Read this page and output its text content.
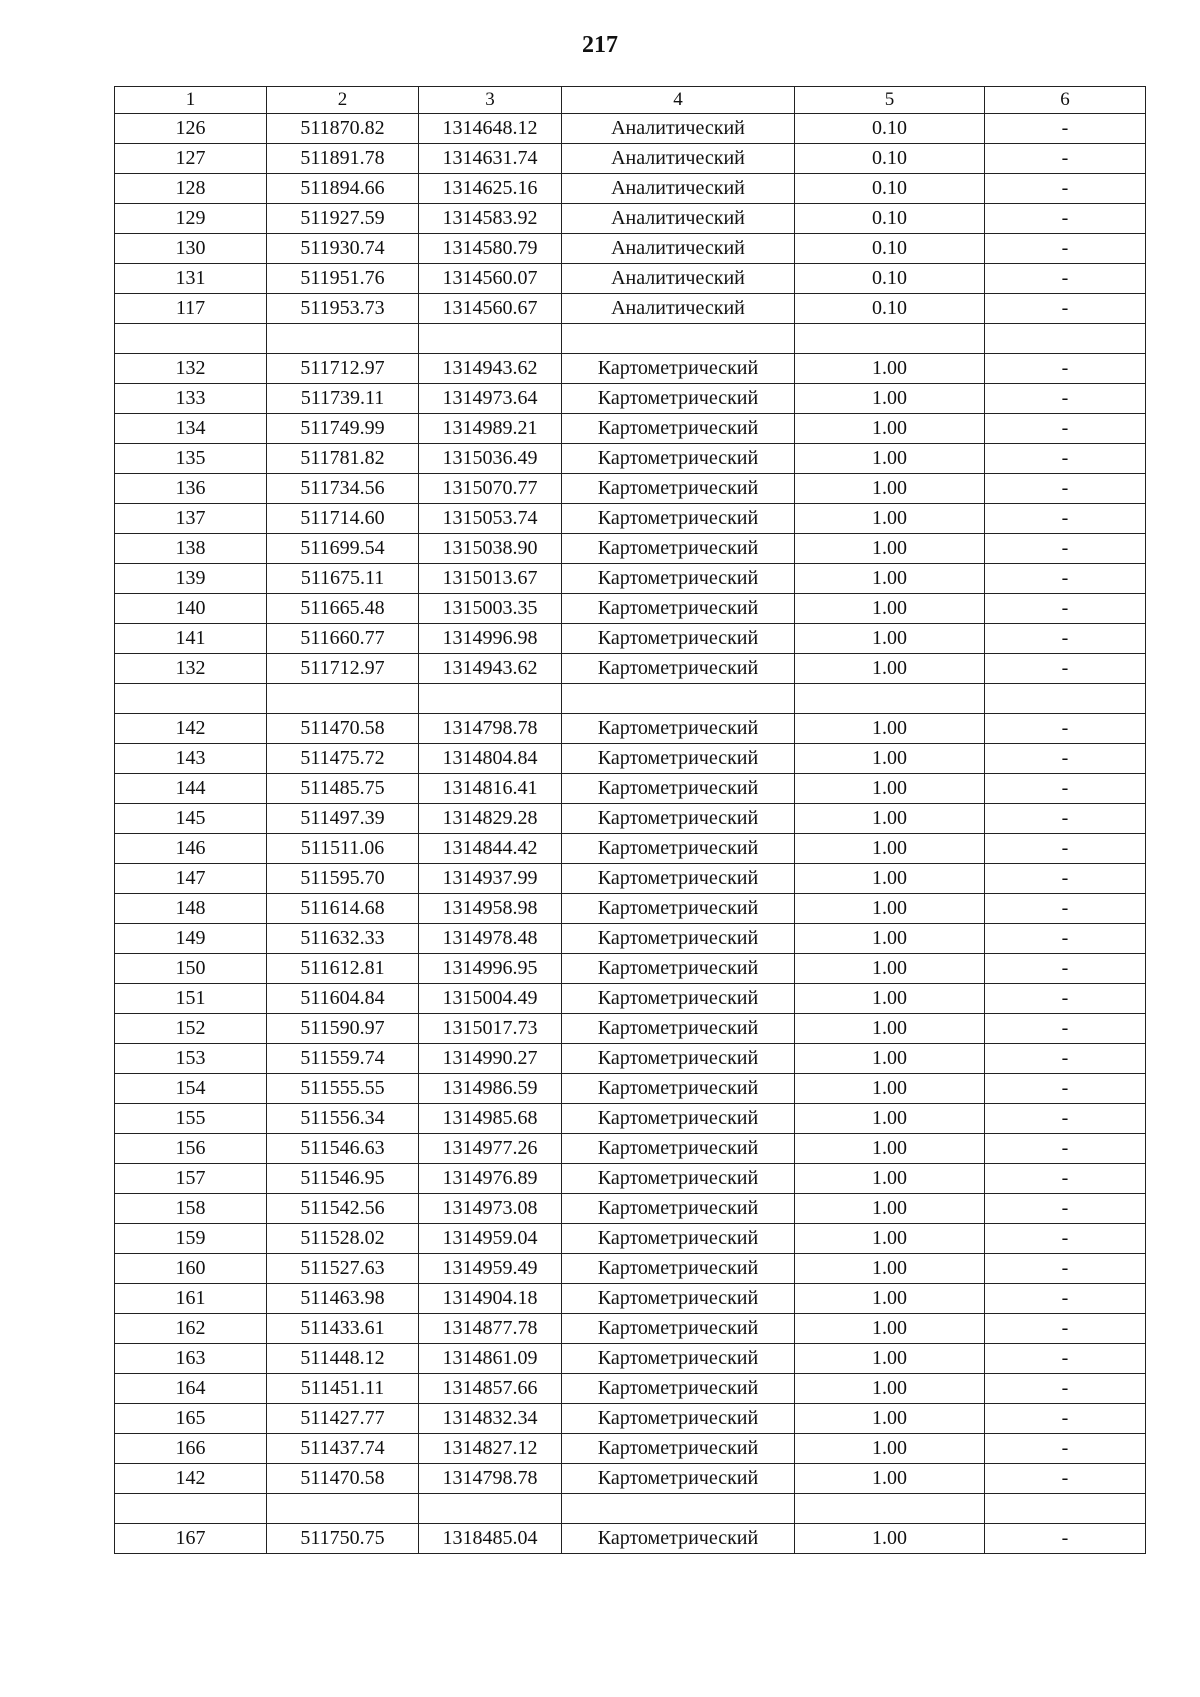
217
1	2	3	4	5	6
126	511870.82	1314648.12	Аналитический	0.10	-
127	511891.78	1314631.74	Аналитический	0.10	-
128	511894.66	1314625.16	Аналитический	0.10	-
129	511927.59	1314583.92	Аналитический	0.10	-
130	511930.74	1314580.79	Аналитический	0.10	-
131	511951.76	1314560.07	Аналитический	0.10	-
117	511953.73	1314560.67	Аналитический	0.10	-

132	511712.97	1314943.62	Картометрический	1.00	-
133	511739.11	1314973.64	Картометрический	1.00	-
134	511749.99	1314989.21	Картометрический	1.00	-
135	511781.82	1315036.49	Картометрический	1.00	-
136	511734.56	1315070.77	Картометрический	1.00	-
137	511714.60	1315053.74	Картометрический	1.00	-
138	511699.54	1315038.90	Картометрический	1.00	-
139	511675.11	1315013.67	Картометрический	1.00	-
140	511665.48	1315003.35	Картометрический	1.00	-
141	511660.77	1314996.98	Картометрический	1.00	-
132	511712.97	1314943.62	Картометрический	1.00	-

142	511470.58	1314798.78	Картометрический	1.00	-
143	511475.72	1314804.84	Картометрический	1.00	-
144	511485.75	1314816.41	Картометрический	1.00	-
145	511497.39	1314829.28	Картометрический	1.00	-
146	511511.06	1314844.42	Картометрический	1.00	-
147	511595.70	1314937.99	Картометрический	1.00	-
148	511614.68	1314958.98	Картометрический	1.00	-
149	511632.33	1314978.48	Картометрический	1.00	-
150	511612.81	1314996.95	Картометрический	1.00	-
151	511604.84	1315004.49	Картометрический	1.00	-
152	511590.97	1315017.73	Картометрический	1.00	-
153	511559.74	1314990.27	Картометрический	1.00	-
154	511555.55	1314986.59	Картометрический	1.00	-
155	511556.34	1314985.68	Картометрический	1.00	-
156	511546.63	1314977.26	Картометрический	1.00	-
157	511546.95	1314976.89	Картометрический	1.00	-
158	511542.56	1314973.08	Картометрический	1.00	-
159	511528.02	1314959.04	Картометрический	1.00	-
160	511527.63	1314959.49	Картометрический	1.00	-
161	511463.98	1314904.18	Картометрический	1.00	-
162	511433.61	1314877.78	Картометрический	1.00	-
163	511448.12	1314861.09	Картометрический	1.00	-
164	511451.11	1314857.66	Картометрический	1.00	-
165	511427.77	1314832.34	Картометрический	1.00	-
166	511437.74	1314827.12	Картометрический	1.00	-
142	511470.58	1314798.78	Картометрический	1.00	-

167	511750.75	1318485.04	Картометрический	1.00	-
